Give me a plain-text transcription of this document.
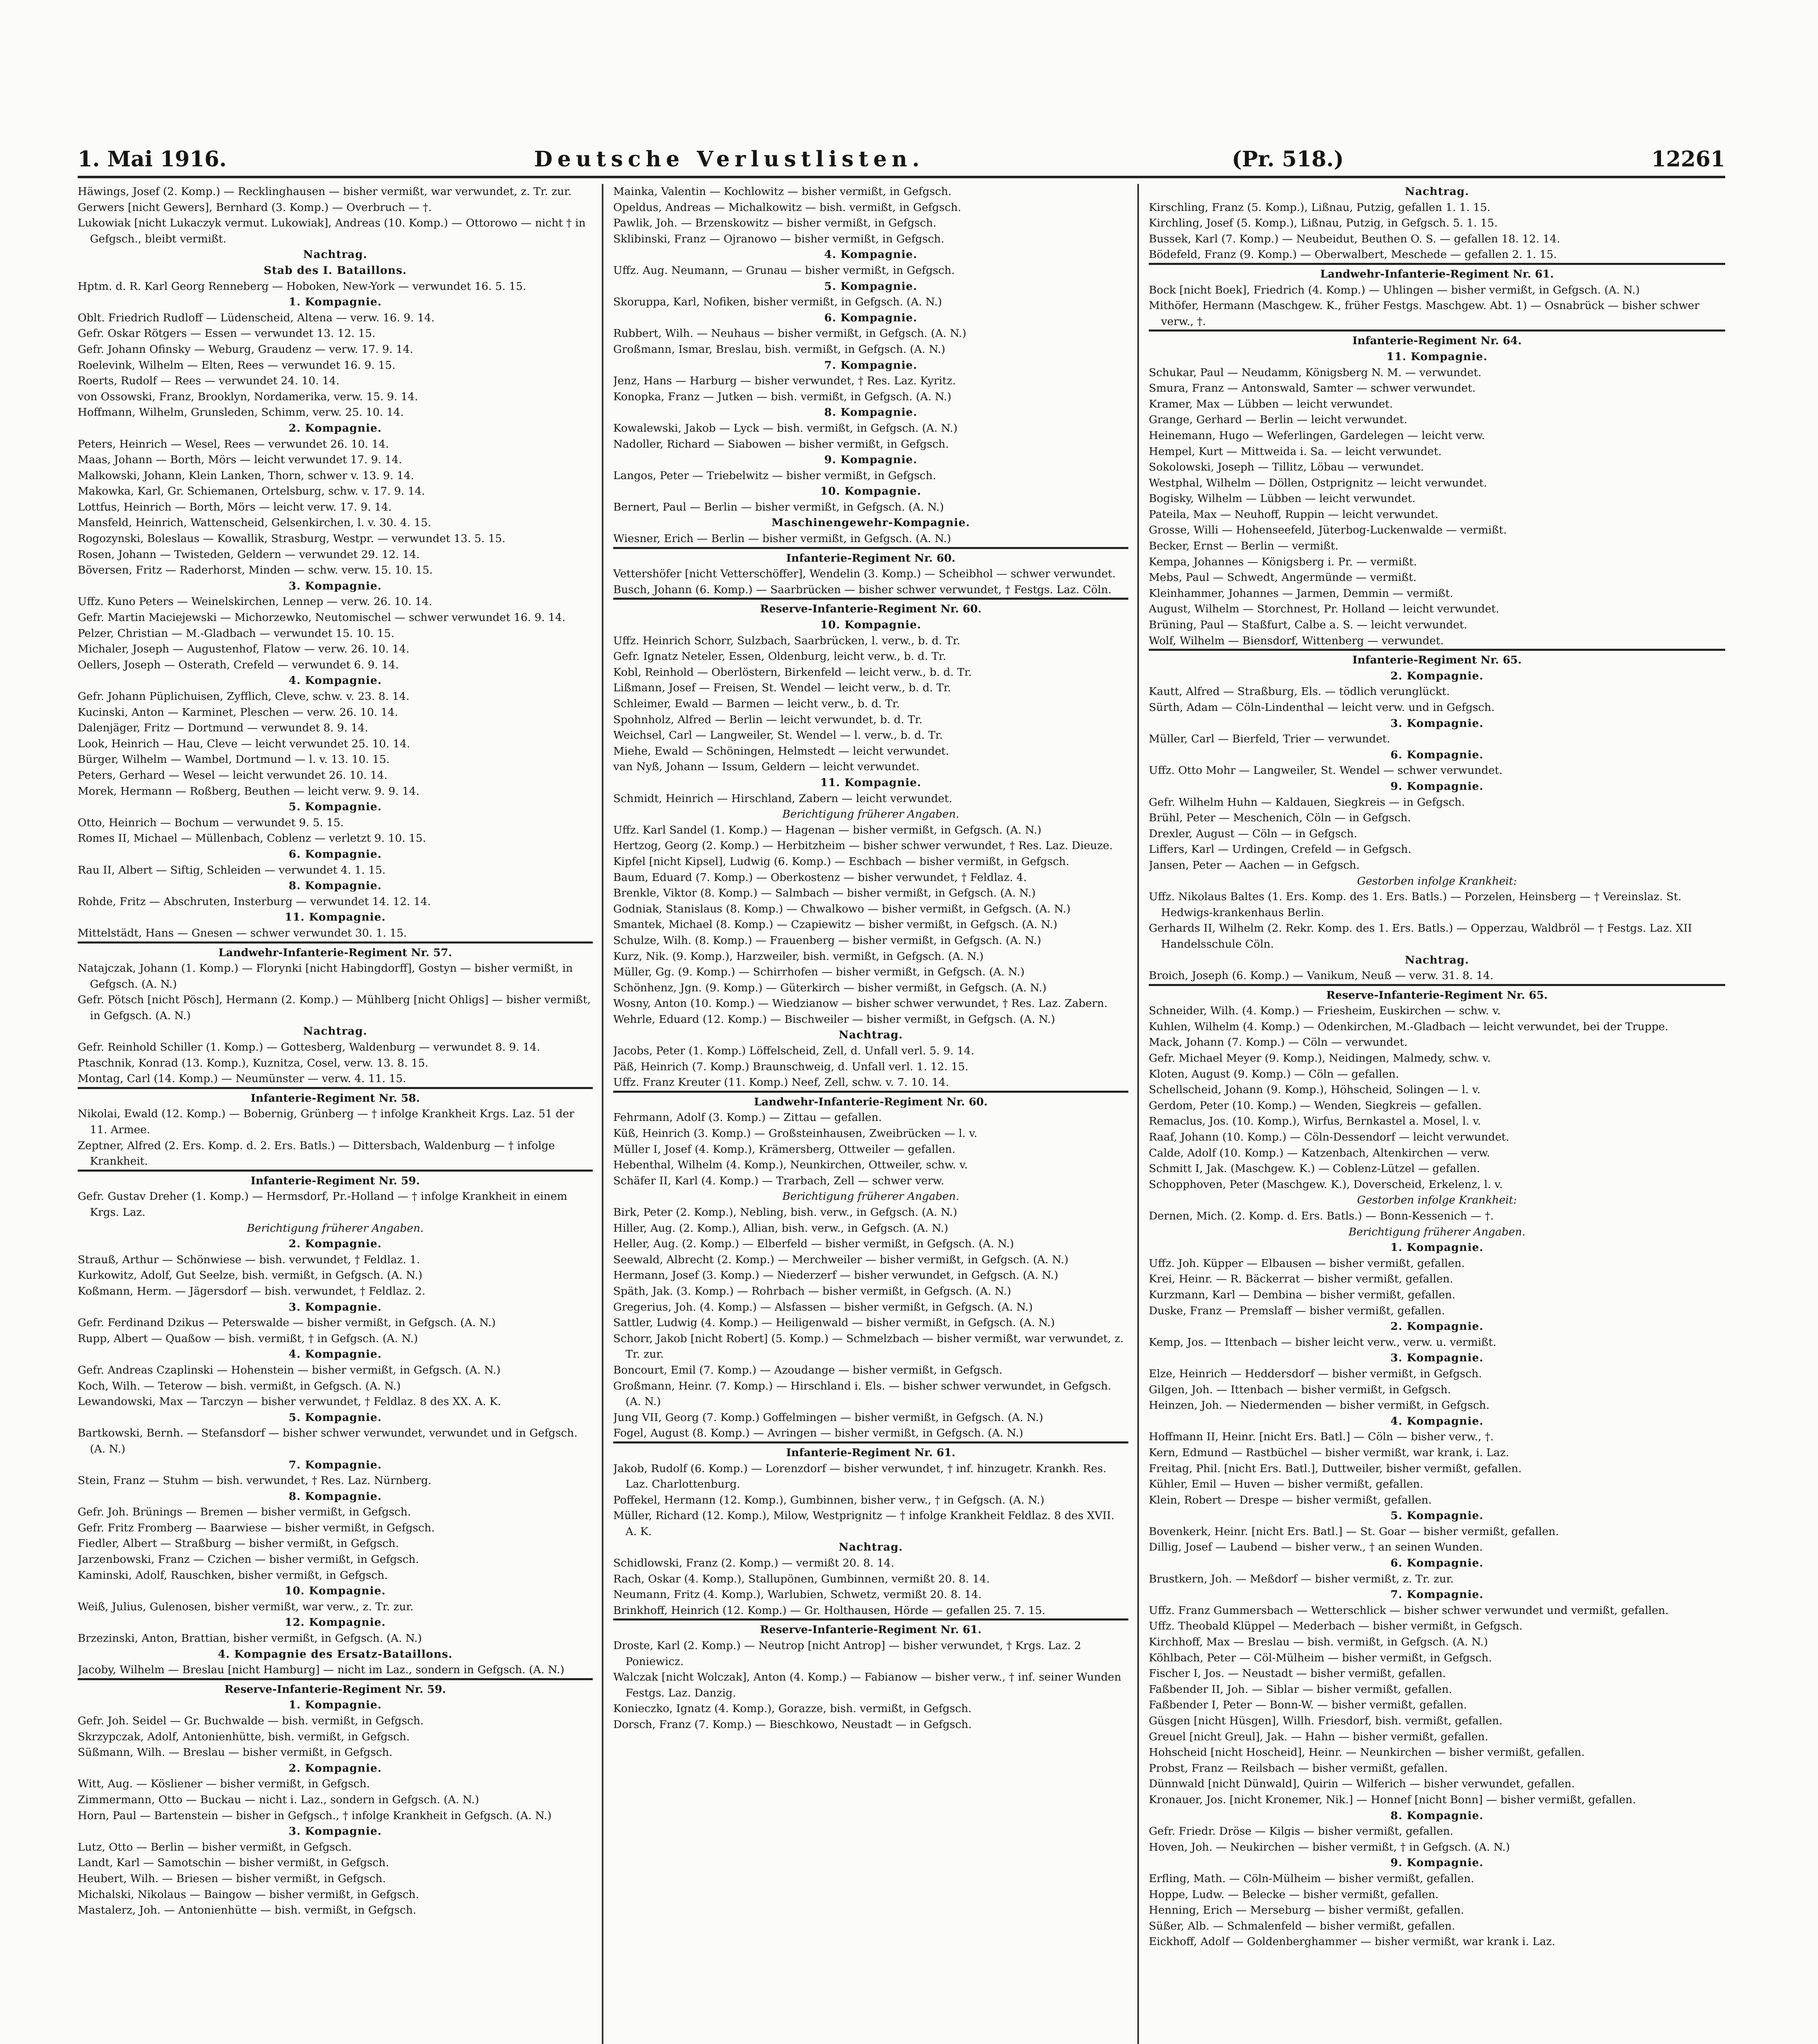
1. Mai 1916.	Deutsche Verlustlisten.	(Pr. 518.)	12261
Häwings, Josef (2. Komp.) — Recklinghausen — bisher vermißt, war verwundet, z. Tr. zur.
Gerwers [nicht Gewers], Bernhard (3. Komp.) — Overbruch — †.
Lukowiak [nicht Lukaczyk vermut. Lukowiak], Andreas (10. Komp.) — Ottorowo — nicht † in Gefgsch., bleibt vermißt.
Nachtrag.
Stab des I. Bataillons.
Hptm. d. R. Karl Georg Renneberg — Hoboken, New-York — verwundet 16. 5. 15.
1. Kompagnie.
Oblt. Friedrich Rudloff — Lüdenscheid, Altena — verw. 16. 9. 14.
Gefr. Oskar Rötgers — Essen — verwundet 13. 12. 15.
Gefr. Johann Ofinsky — Weburg, Graudenz — verw. 17. 9. 14.
Roelevink, Wilhelm — Elten, Rees — verwundet 16. 9. 15.
Roerts, Rudolf — Rees — verwundet 24. 10. 14.
von Ossowski, Franz, Brooklyn, Nordamerika, verw. 15. 9. 14.
Hoffmann, Wilhelm, Grunsleden, Schimm, verw. 25. 10. 14.
2. Kompagnie.
Peters, Heinrich — Wesel, Rees — verwundet 26. 10. 14.
Maas, Johann — Borth, Mörs — leicht verwundet 17. 9. 14.
Malkowski, Johann, Klein Lanken, Thorn, schwer v. 13. 9. 14.
Makowka, Karl, Gr. Schiemanen, Ortelsburg, schw. v. 17. 9. 14.
Lottfus, Heinrich — Borth, Mörs — leicht verw. 17. 9. 14.
Mansfeld, Heinrich, Wattenscheid, Gelsenkirchen, l. v. 30. 4. 15.
Rogozynski, Boleslaus — Kowallik, Strasburg, Westpr. — verwundet 13. 5. 15.
Rosen, Johann — Twisteden, Geldern — verwundet 29. 12. 14.
Böversen, Fritz — Raderhorst, Minden — schw. verw. 15. 10. 15.
3. Kompagnie.
Uffz. Kuno Peters — Weinelskirchen, Lennep — verw. 26. 10. 14.
Gefr. Martin Maciejewski — Michorzewko, Neutomischel — schwer verwundet 16. 9. 14.
Pelzer, Christian — M.-Gladbach — verwundet 15. 10. 15.
Michaler, Joseph — Augustenhof, Flatow — verw. 26. 10. 14.
Oellers, Joseph — Osterath, Crefeld — verwundet 6. 9. 14.
4. Kompagnie.
Gefr. Johann Püplichuisen, Zyfflich, Cleve, schw. v. 23. 8. 14.
Kucinski, Anton — Karminet, Pleschen — verw. 26. 10. 14.
Dalenjäger, Fritz — Dortmund — verwundet 8. 9. 14.
Look, Heinrich — Hau, Cleve — leicht verwundet 25. 10. 14.
Bürger, Wilhelm — Wambel, Dortmund — l. v. 13. 10. 15.
Peters, Gerhard — Wesel — leicht verwundet 26. 10. 14.
Morek, Hermann — Roßberg, Beuthen — leicht verw. 9. 9. 14.
5. Kompagnie.
Otto, Heinrich — Bochum — verwundet 9. 5. 15.
Romes II, Michael — Müllenbach, Coblenz — verletzt 9. 10. 15.
6. Kompagnie.
Rau II, Albert — Siftig, Schleiden — verwundet 4. 1. 15.
8. Kompagnie.
Rohde, Fritz — Abschruten, Insterburg — verwundet 14. 12. 14.
11. Kompagnie.
Mittelstädt, Hans — Gnesen — schwer verwundet 30. 1. 15.
Landwehr-Infanterie-Regiment Nr. 57.
Natajczak, Johann (1. Komp.) — Florynki [nicht Habingdorff], Gostyn — bisher vermißt, in Gefgsch. (A. N.)
Gefr. Pötsch [nicht Pösch], Hermann (2. Komp.) — Mühlberg [nicht Ohligs] — bisher vermißt, in Gefgsch. (A. N.)
Nachtrag.
Gefr. Reinhold Schiller (1. Komp.) — Gottesberg, Waldenburg — verwundet 8. 9. 14.
Ptaschnik, Konrad (13. Komp.), Kuznitza, Cosel, verw. 13. 8. 15.
Montag, Carl (14. Komp.) — Neumünster — verw. 4. 11. 15.
Infanterie-Regiment Nr. 58.
Nikolai, Ewald (12. Komp.) — Bobernig, Grünberg — † infolge Krankheit Krgs. Laz. 51 der 11. Armee.
Zeptner, Alfred (2. Ers. Komp. d. 2. Ers. Batls.) — Dittersbach, Waldenburg — † infolge Krankheit.
Infanterie-Regiment Nr. 59.
Gefr. Gustav Dreher (1. Komp.) — Hermsdorf, Pr.-Holland — † infolge Krankheit in einem Krgs. Laz.
Berichtigung früherer Angaben.
2. Kompagnie.
Strauß, Arthur — Schönwiese — bish. verwundet, † Feldlaz. 1.
Kurkowitz, Adolf, Gut Seelze, bish. vermißt, in Gefgsch. (A. N.)
Koßmann, Herm. — Jägersdorf — bish. verwundet, † Feldlaz. 2.
3. Kompagnie.
Gefr. Ferdinand Dzikus — Peterswalde — bisher vermißt, in Gefgsch. (A. N.)
Rupp, Albert — Quaßow — bish. vermißt, † in Gefgsch. (A. N.)
4. Kompagnie.
Gefr. Andreas Czaplinski — Hohenstein — bisher vermißt, in Gefgsch. (A. N.)
Koch, Wilh. — Teterow — bish. vermißt, in Gefgsch. (A. N.)
Lewandowski, Max — Tarczyn — bisher verwundet, † Feldlaz. 8 des XX. A. K.
5. Kompagnie.
Bartkowski, Bernh. — Stefansdorf — bisher schwer verwundet, verwundet und in Gefgsch. (A. N.)
7. Kompagnie.
Stein, Franz — Stuhm — bish. verwundet, † Res. Laz. Nürnberg.
8. Kompagnie.
Gefr. Joh. Brünings — Bremen — bisher vermißt, in Gefgsch.
Gefr. Fritz Fromberg — Baarwiese — bisher vermißt, in Gefgsch.
Fiedler, Albert — Straßburg — bisher vermißt, in Gefgsch.
Jarzenbowski, Franz — Czichen — bisher vermißt, in Gefgsch.
Kaminski, Adolf, Rauschken, bisher vermißt, in Gefgsch.
10. Kompagnie.
Weiß, Julius, Gulenosen, bisher vermißt, war verw., z. Tr. zur.
12. Kompagnie.
Brzezinski, Anton, Brattian, bisher vermißt, in Gefgsch. (A. N.)
4. Kompagnie des Ersatz-Bataillons.
Jacoby, Wilhelm — Breslau [nicht Hamburg] — nicht im Laz., sondern in Gefgsch. (A. N.)
Reserve-Infanterie-Regiment Nr. 59.
1. Kompagnie.
Gefr. Joh. Seidel — Gr. Buchwalde — bish. vermißt, in Gefgsch.
Skrzypczak, Adolf, Antonienhütte, bish. vermißt, in Gefgsch.
Süßmann, Wilh. — Breslau — bisher vermißt, in Gefgsch.
2. Kompagnie.
Witt, Aug. — Kösliener — bisher vermißt, in Gefgsch.
Zimmermann, Otto — Buckau — nicht i. Laz., sondern in Gefgsch. (A. N.)
Horn, Paul — Bartenstein — bisher in Gefgsch., † infolge Krankheit in Gefgsch. (A. N.)
3. Kompagnie.
Lutz, Otto — Berlin — bisher vermißt, in Gefgsch.
Landt, Karl — Samotschin — bisher vermißt, in Gefgsch.
Heubert, Wilh. — Briesen — bisher vermißt, in Gefgsch.
Michalski, Nikolaus — Baingow — bisher vermißt, in Gefgsch.
Mastalerz, Joh. — Antonienhütte — bish. vermißt, in Gefgsch.
Mainka, Valentin — Kochlowitz — bisher vermißt, in Gefgsch.
Opeldus, Andreas — Michalkowitz — bish. vermißt, in Gefgsch.
Pawlik, Joh. — Brzenskowitz — bisher vermißt, in Gefgsch.
Sklibinski, Franz — Ojranowo — bisher vermißt, in Gefgsch.
4. Kompagnie.
Uffz. Aug. Neumann, — Grunau — bisher vermißt, in Gefgsch.
5. Kompagnie.
Skoruppa, Karl, Nofiken, bisher vermißt, in Gefgsch. (A. N.)
6. Kompagnie.
Rubbert, Wilh. — Neuhaus — bisher vermißt, in Gefgsch. (A. N.)
Großmann, Ismar, Breslau, bish. vermißt, in Gefgsch. (A. N.)
7. Kompagnie.
Jenz, Hans — Harburg — bisher verwundet, † Res. Laz. Kyritz.
Konopka, Franz — Jutken — bish. vermißt, in Gefgsch. (A. N.)
8. Kompagnie.
Kowalewski, Jakob — Lyck — bish. vermißt, in Gefgsch. (A. N.)
Nadoller, Richard — Siabowen — bisher vermißt, in Gefgsch.
9. Kompagnie.
Langos, Peter — Triebelwitz — bisher vermißt, in Gefgsch.
10. Kompagnie.
Bernert, Paul — Berlin — bisher vermißt, in Gefgsch. (A. N.)
Maschinengewehr-Kompagnie.
Wiesner, Erich — Berlin — bisher vermißt, in Gefgsch. (A. N.)
Infanterie-Regiment Nr. 60.
Vettershöfer [nicht Vetterschöffer], Wendelin (3. Komp.) — Scheibhol — schwer verwundet.
Busch, Johann (6. Komp.) — Saarbrücken — bisher schwer verwundet, † Festgs. Laz. Cöln.
Reserve-Infanterie-Regiment Nr. 60.
10. Kompagnie.
Uffz. Heinrich Schorr, Sulzbach, Saarbrücken, l. verw., b. d. Tr.
Gefr. Ignatz Neteler, Essen, Oldenburg, leicht verw., b. d. Tr.
Kobl, Reinhold — Oberlöstern, Birkenfeld — leicht verw., b. d. Tr.
Lißmann, Josef — Freisen, St. Wendel — leicht verw., b. d. Tr.
Schleimer, Ewald — Barmen — leicht verw., b. d. Tr.
Spohnholz, Alfred — Berlin — leicht verwundet, b. d. Tr.
Weichsel, Carl — Langweiler, St. Wendel — l. verw., b. d. Tr.
Miehe, Ewald — Schöningen, Helmstedt — leicht verwundet.
van Nyß, Johann — Issum, Geldern — leicht verwundet.
11. Kompagnie.
Schmidt, Heinrich — Hirschland, Zabern — leicht verwundet.
Berichtigung früherer Angaben.
Uffz. Karl Sandel (1. Komp.) — Hagenan — bisher vermißt, in Gefgsch. (A. N.)
Hertzog, Georg (2. Komp.) — Herbitzheim — bisher schwer verwundet, † Res. Laz. Dieuze.
Kipfel [nicht Kipsel], Ludwig (6. Komp.) — Eschbach — bisher vermißt, in Gefgsch.
Baum, Eduard (7. Komp.) — Oberkostenz — bisher verwundet, † Feldlaz. 4.
Brenkle, Viktor (8. Komp.) — Salmbach — bisher vermißt, in Gefgsch. (A. N.)
Godniak, Stanislaus (8. Komp.) — Chwalkowo — bisher vermißt, in Gefgsch. (A. N.)
Smantek, Michael (8. Komp.) — Czapiewitz — bisher vermißt, in Gefgsch. (A. N.)
Schulze, Wilh. (8. Komp.) — Frauenberg — bisher vermißt, in Gefgsch. (A. N.)
Kurz, Nik. (9. Komp.), Harzweiler, bish. vermißt, in Gefgsch. (A. N.)
Müller, Gg. (9. Komp.) — Schirrhofen — bisher vermißt, in Gefgsch. (A. N.)
Schönhenz, Jgn. (9. Komp.) — Güterkirch — bisher vermißt, in Gefgsch. (A. N.)
Wosny, Anton (10. Komp.) — Wiedzianow — bisher schwer verwundet, † Res. Laz. Zabern.
Wehrle, Eduard (12. Komp.) — Bischweiler — bisher vermißt, in Gefgsch. (A. N.)
Nachtrag.
Jacobs, Peter (1. Komp.) Löffelscheid, Zell, d. Unfall verl. 5. 9. 14.
Päß, Heinrich (7. Komp.) Braunschweig, d. Unfall verl. 1. 12. 15.
Uffz. Franz Kreuter (11. Komp.) Neef, Zell, schw. v. 7. 10. 14.
Landwehr-Infanterie-Regiment Nr. 60.
Fehrmann, Adolf (3. Komp.) — Zittau — gefallen.
Küß, Heinrich (3. Komp.) — Großsteinhausen, Zweibrücken — l. v.
Müller I, Josef (4. Komp.), Krämersberg, Ottweiler — gefallen.
Hebenthal, Wilhelm (4. Komp.), Neunkirchen, Ottweiler, schw. v.
Schäfer II, Karl (4. Komp.) — Trarbach, Zell — schwer verw.
Berichtigung früherer Angaben.
Birk, Peter (2. Komp.), Nebling, bish. verw., in Gefgsch. (A. N.)
Hiller, Aug. (2. Komp.), Allian, bish. verw., in Gefgsch. (A. N.)
Heller, Aug. (2. Komp.) — Elberfeld — bisher vermißt, in Gefgsch. (A. N.)
Seewald, Albrecht (2. Komp.) — Merchweiler — bisher vermißt, in Gefgsch. (A. N.)
Hermann, Josef (3. Komp.) — Niederzerf — bisher verwundet, in Gefgsch. (A. N.)
Späth, Jak. (3. Komp.) — Rohrbach — bisher vermißt, in Gefgsch. (A. N.)
Gregerius, Joh. (4. Komp.) — Alsfassen — bisher vermißt, in Gefgsch. (A. N.)
Sattler, Ludwig (4. Komp.) — Heiligenwald — bisher vermißt, in Gefgsch. (A. N.)
Schorr, Jakob [nicht Robert] (5. Komp.) — Schmelzbach — bisher vermißt, war verwundet, z. Tr. zur.
Boncourt, Emil (7. Komp.) — Azoudange — bisher vermißt, in Gefgsch.
Großmann, Heinr. (7. Komp.) — Hirschland i. Els. — bisher schwer verwundet, in Gefgsch. (A. N.)
Jung VII, Georg (7. Komp.) Goffelmingen — bisher vermißt, in Gefgsch. (A. N.)
Fogel, August (8. Komp.) — Avringen — bisher vermißt, in Gefgsch. (A. N.)
Infanterie-Regiment Nr. 61.
Jakob, Rudolf (6. Komp.) — Lorenzdorf — bisher verwundet, † inf. hinzugetr. Krankh. Res. Laz. Charlottenburg.
Poffekel, Hermann (12. Komp.), Gumbinnen, bisher verw., † in Gefgsch. (A. N.)
Müller, Richard (12. Komp.), Milow, Westprignitz — † infolge Krankheit Feldlaz. 8 des XVII. A. K.
Nachtrag.
Schidlowski, Franz (2. Komp.) — vermißt 20. 8. 14.
Rach, Oskar (4. Komp.), Stallupönen, Gumbinnen, vermißt 20. 8. 14.
Neumann, Fritz (4. Komp.), Warlubien, Schwetz, vermißt 20. 8. 14.
Brinkhoff, Heinrich (12. Komp.) — Gr. Holthausen, Hörde — gefallen 25. 7. 15.
Reserve-Infanterie-Regiment Nr. 61.
Droste, Karl (2. Komp.) — Neutrop [nicht Antrop] — bisher verwundet, † Krgs. Laz. 2 Poniewicz.
Walczak [nicht Wolczak], Anton (4. Komp.) — Fabianow — bisher verw., † inf. seiner Wunden Festgs. Laz. Danzig.
Konieczko, Ignatz (4. Komp.), Gorazze, bish. vermißt, in Gefgsch.
Dorsch, Franz (7. Komp.) — Bieschkowo, Neustadt — in Gefgsch.
Nachtrag.
Kirschling, Franz (5. Komp.), Lißnau, Putzig, gefallen 1. 1. 15.
Kirchling, Josef (5. Komp.), Lißnau, Putzig, in Gefgsch. 5. 1. 15.
Bussek, Karl (7. Komp.) — Neubeidut, Beuthen O. S. — gefallen 18. 12. 14.
Bödefeld, Franz (9. Komp.) — Oberwalbert, Meschede — gefallen 2. 1. 15.
Landwehr-Infanterie-Regiment Nr. 61.
Bock [nicht Boek], Friedrich (4. Komp.) — Uhlingen — bisher vermißt, in Gefgsch. (A. N.)
Mithöfer, Hermann (Maschgew. K., früher Festgs. Maschgew. Abt. 1) — Osnabrück — bisher schwer verw., †.
Infanterie-Regiment Nr. 64.
11. Kompagnie.
Schukar, Paul — Neudamm, Königsberg N. M. — verwundet.
Smura, Franz — Antonswald, Samter — schwer verwundet.
Kramer, Max — Lübben — leicht verwundet.
Grange, Gerhard — Berlin — leicht verwundet.
Heinemann, Hugo — Weferlingen, Gardelegen — leicht verw.
Hempel, Kurt — Mittweida i. Sa. — leicht verwundet.
Sokolowski, Joseph — Tillitz, Löbau — verwundet.
Westphal, Wilhelm — Döllen, Ostprignitz — leicht verwundet.
Bogisky, Wilhelm — Lübben — leicht verwundet.
Pateila, Max — Neuhoff, Ruppin — leicht verwundet.
Grosse, Willi — Hohenseefeld, Jüterbog-Luckenwalde — vermißt.
Becker, Ernst — Berlin — vermißt.
Kempa, Johannes — Königsberg i. Pr. — vermißt.
Mebs, Paul — Schwedt, Angermünde — vermißt.
Kleinhammer, Johannes — Jarmen, Demmin — vermißt.
August, Wilhelm — Storchnest, Pr. Holland — leicht verwundet.
Brüning, Paul — Staßfurt, Calbe a. S. — leicht verwundet.
Wolf, Wilhelm — Biensdorf, Wittenberg — verwundet.
Infanterie-Regiment Nr. 65.
2. Kompagnie.
Kautt, Alfred — Straßburg, Els. — tödlich verunglückt.
Sürth, Adam — Cöln-Lindenthal — leicht verw. und in Gefgsch.
3. Kompagnie.
Müller, Carl — Bierfeld, Trier — verwundet.
6. Kompagnie.
Uffz. Otto Mohr — Langweiler, St. Wendel — schwer verwundet.
9. Kompagnie.
Gefr. Wilhelm Huhn — Kaldauen, Siegkreis — in Gefgsch.
Brühl, Peter — Meschenich, Cöln — in Gefgsch.
Drexler, August — Cöln — in Gefgsch.
Liffers, Karl — Urdingen, Crefeld — in Gefgsch.
Jansen, Peter — Aachen — in Gefgsch.
Gestorben infolge Krankheit:
Uffz. Nikolaus Baltes (1. Ers. Komp. des 1. Ers. Batls.) — Porzelen, Heinsberg — † Vereinslaz. St. Hedwigs-krankenhaus Berlin.
Gerhards II, Wilhelm (2. Rekr. Komp. des 1. Ers. Batls.) — Opperzau, Waldbröl — † Festgs. Laz. XII Handelsschule Cöln.
Nachtrag.
Broich, Joseph (6. Komp.) — Vanikum, Neuß — verw. 31. 8. 14.
Reserve-Infanterie-Regiment Nr. 65.
Schneider, Wilh. (4. Komp.) — Friesheim, Euskirchen — schw. v.
Kuhlen, Wilhelm (4. Komp.) — Odenkirchen, M.-Gladbach — leicht verwundet, bei der Truppe.
Mack, Johann (7. Komp.) — Cöln — verwundet.
Gefr. Michael Meyer (9. Komp.), Neidingen, Malmedy, schw. v.
Kloten, August (9. Komp.) — Cöln — gefallen.
Schellscheid, Johann (9. Komp.), Höhscheid, Solingen — l. v.
Gerdom, Peter (10. Komp.) — Wenden, Siegkreis — gefallen.
Remaclus, Jos. (10. Komp.), Wirfus, Bernkastel a. Mosel, l. v.
Raaf, Johann (10. Komp.) — Cöln-Dessendorf — leicht verwundet.
Calde, Adolf (10. Komp.) — Katzenbach, Altenkirchen — verw.
Schmitt I, Jak. (Maschgew. K.) — Coblenz-Lützel — gefallen.
Schopphoven, Peter (Maschgew. K.), Doverscheid, Erkelenz, l. v.
Gestorben infolge Krankheit:
Dernen, Mich. (2. Komp. d. Ers. Batls.) — Bonn-Kessenich — †.
Berichtigung früherer Angaben.
1. Kompagnie.
Uffz. Joh. Küpper — Elbausen — bisher vermißt, gefallen.
Krei, Heinr. — R. Bäckerrat — bisher vermißt, gefallen.
Kurzmann, Karl — Dembina — bisher vermißt, gefallen.
Duske, Franz — Premslaff — bisher vermißt, gefallen.
2. Kompagnie.
Kemp, Jos. — Ittenbach — bisher leicht verw., verw. u. vermißt.
3. Kompagnie.
Elze, Heinrich — Heddersdorf — bisher vermißt, in Gefgsch.
Gilgen, Joh. — Ittenbach — bisher vermißt, in Gefgsch.
Heinzen, Joh. — Niedermenden — bisher vermißt, in Gefgsch.
4. Kompagnie.
Hoffmann II, Heinr. [nicht Ers. Batl.] — Cöln — bisher verw., †.
Kern, Edmund — Rastbüchel — bisher vermißt, war krank, i. Laz.
Freitag, Phil. [nicht Ers. Batl.], Duttweiler, bisher vermißt, gefallen.
Kühler, Emil — Huven — bisher vermißt, gefallen.
Klein, Robert — Drespe — bisher vermißt, gefallen.
5. Kompagnie.
Bovenkerk, Heinr. [nicht Ers. Batl.] — St. Goar — bisher vermißt, gefallen.
Dillig, Josef — Laubend — bisher verw., † an seinen Wunden.
6. Kompagnie.
Brustkern, Joh. — Meßdorf — bisher vermißt, z. Tr. zur.
7. Kompagnie.
Uffz. Franz Gummersbach — Wetterschlick — bisher schwer verwundet und vermißt, gefallen.
Uffz. Theobald Klüppel — Mederbach — bisher vermißt, in Gefgsch.
Kirchhoff, Max — Breslau — bish. vermißt, in Gefgsch. (A. N.)
Köhlbach, Peter — Cöl-Mülheim — bisher vermißt, in Gefgsch.
Fischer I, Jos. — Neustadt — bisher vermißt, gefallen.
Faßbender II, Joh. — Siblar — bisher vermißt, gefallen.
Faßbender I, Peter — Bonn-W. — bisher vermißt, gefallen.
Güsgen [nicht Hüsgen], Willh. Friesdorf, bish. vermißt, gefallen.
Greuel [nicht Greul], Jak. — Hahn — bisher vermißt, gefallen.
Hohscheid [nicht Hoscheid], Heinr. — Neunkirchen — bisher vermißt, gefallen.
Probst, Franz — Reilsbach — bisher vermißt, gefallen.
Dünnwald [nicht Dünwald], Quirin — Wilferich — bisher verwundet, gefallen.
Kronauer, Jos. [nicht Kronemer, Nik.] — Honnef [nicht Bonn] — bisher vermißt, gefallen.
8. Kompagnie.
Gefr. Friedr. Dröse — Kilgis — bisher vermißt, gefallen.
Hoven, Joh. — Neukirchen — bisher vermißt, † in Gefgsch. (A. N.)
9. Kompagnie.
Erfling, Math. — Cöln-Mülheim — bisher vermißt, gefallen.
Hoppe, Ludw. — Belecke — bisher vermißt, gefallen.
Henning, Erich — Merseburg — bisher vermißt, gefallen.
Süßer, Alb. — Schmalenfeld — bisher vermißt, gefallen.
Eickhoff, Adolf — Goldenberghammer — bisher vermißt, war krank i. Laz.
